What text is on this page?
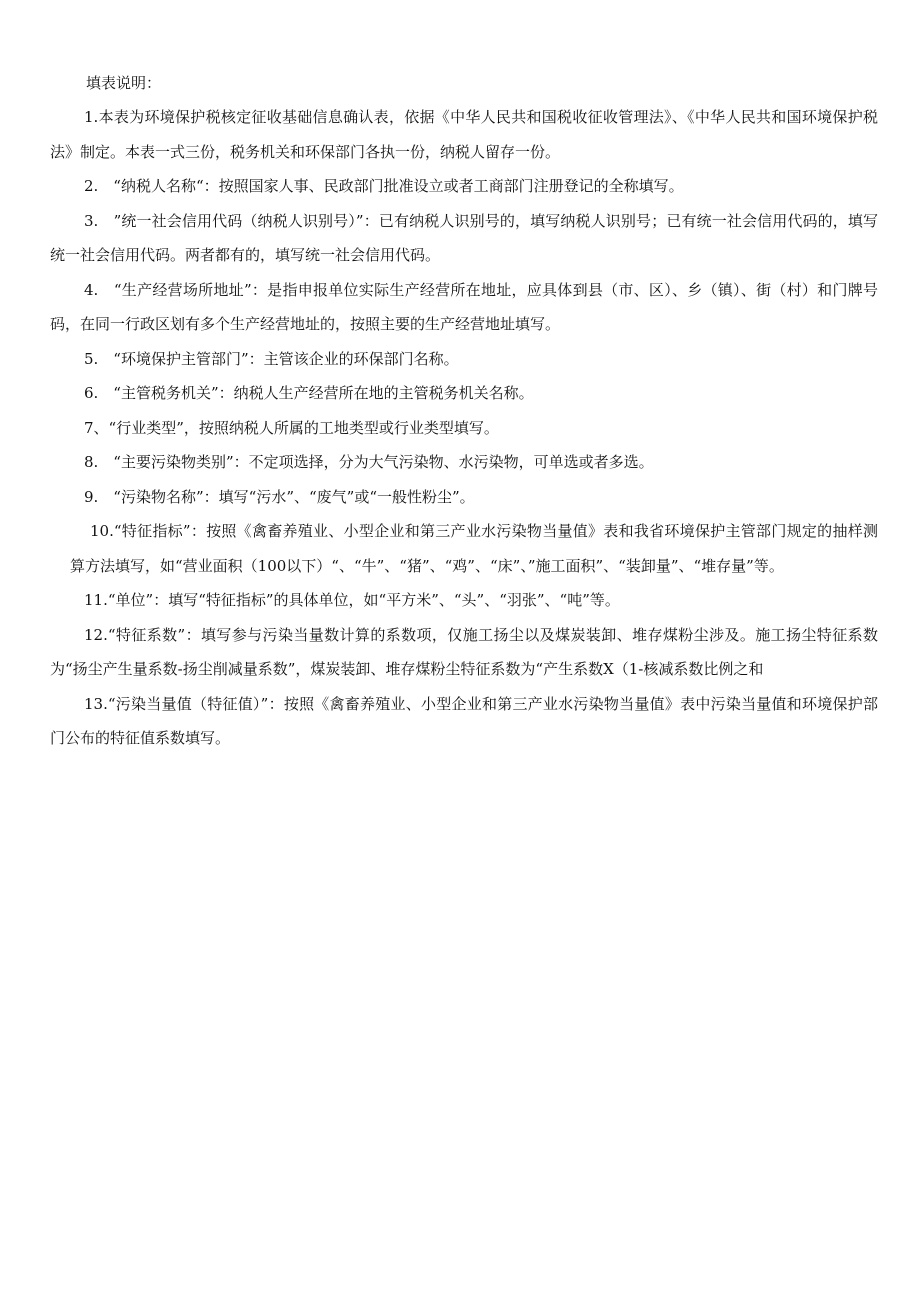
填表说明：

1.本表为环境保护税核定征收基础信息确认表，依据《中华人民共和国税收征收管理法》、《中华人民共和国环境保护税法》制定。本表一式三份，税务机关和环保部门各执一份，纳税人留存一份。

2.　“纳税人名称“：按照国家人事、民政部门批准设立或者工商部门注册登记的全称填写。

3.　”统一社会信用代码（纳税人识别号）”：已有纳税人识别号的，填写纳税人识别号；已有统一社会信用代码的，填写统一社会信用代码。两者都有的，填写统一社会信用代码。

4.　“生产经营场所地址”：是指申报单位实际生产经营所在地址，应具体到县（市、区）、乡（镇）、街（村）和门牌号码，在同一行政区划有多个生产经营地址的，按照主要的生产经营地址填写。

5.　“环境保护主管部门”：主管该企业的环保部门名称。

6.　“主管税务机关”：纳税人生产经营所在地的主管税务机关名称。

7、“行业类型”，按照纳税人所属的工地类型或行业类型填写。

8.　“主要污染物类别”：不定项选择，分为大气污染物、水污染物，可单选或者多选。

9.　“污染物名称”：填写“污水”、“废气”或“一般性粉尘”。

10.“特征指标”：按照《禽畜养殖业、小型企业和第三产业水污染物当量值》表和我省环境保护主管部门规定的抽样测算方法填写，如“营业面积（100以下）“、“牛”、“猪”、“鸡”、“床”、”施工面积”、“装卸量”、“堆存量”等。

11.“单位”：填写“特征指标”的具体单位，如“平方米”、“头”、“羽张”、“吨”等。

12.“特征系数”：填写参与污染当量数计算的系数项，仅施工扬尘以及煤炭装卸、堆存煤粉尘涉及。施工扬尘特征系数为“扬尘产生量系数-扬尘削减量系数”，煤炭装卸、堆存煤粉尘特征系数为“产生系数X（1-核减系数比例之和

13.“污染当量值（特征值）”：按照《禽畜养殖业、小型企业和第三产业水污染物当量值》表中污染当量值和环境保护部门公布的特征值系数填写。
